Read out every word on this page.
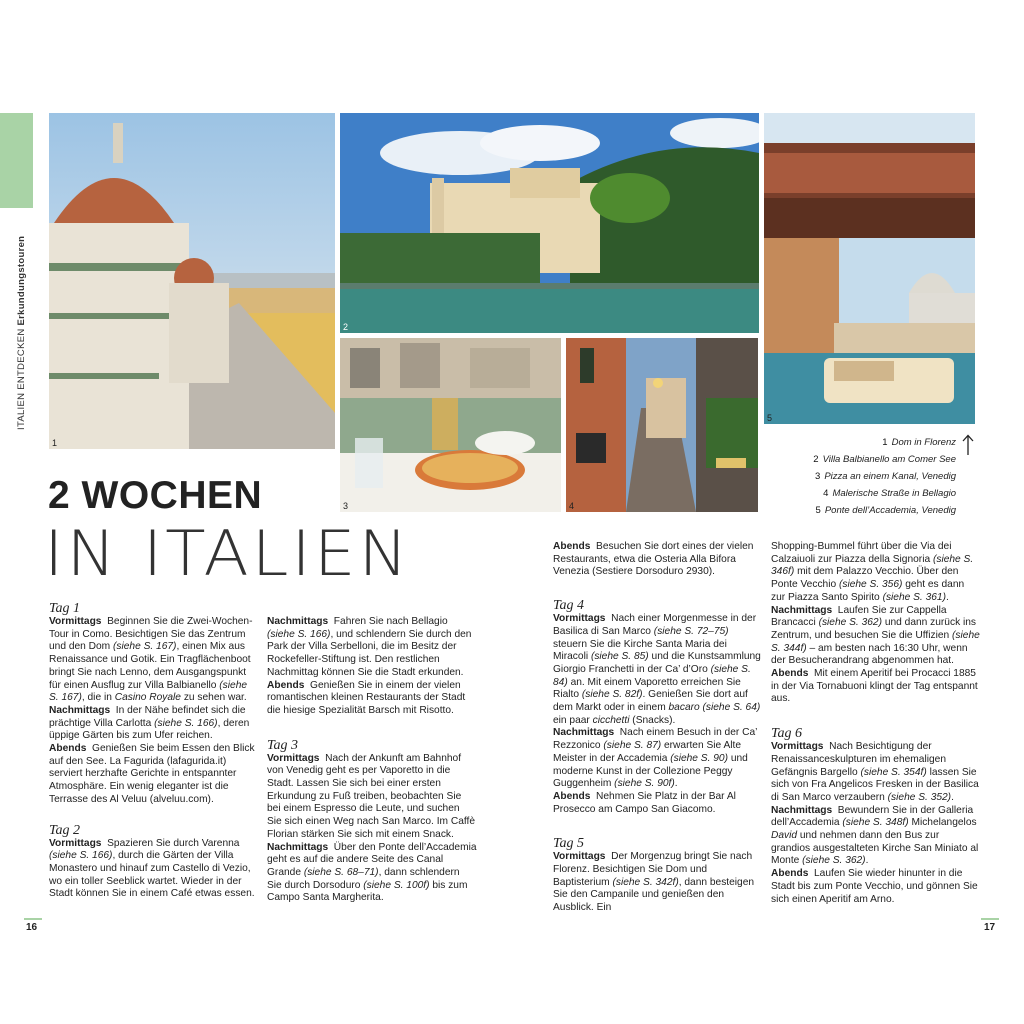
ITALIEN ENTDECKEN Erkundungstouren
1
2
3	4
5
1 Dom in Florenz
2 Villa Balbianello am Comer See
3 Pizza an einem Kanal, Venedig
4 Malerische Straße in Bellagio
5 Ponte dell’Accademia, Venedig
2 WOCHEN
IN ITALIEN

Tag 1

Vormittags  Beginnen Sie die Zwei-Wochen-Tour in Como. Besichtigen Sie das Zentrum und den Dom (siehe S. 167), einen Mix aus Renaissance und Gotik. Ein Tragflächenboot bringt Sie nach Lenno, dem Ausgangspunkt für einen Ausflug zur Villa Balbianello (siehe S. 167), die in Casino Royale zu sehen war.
Nachmittags  In der Nähe befindet sich die prächtige Villa Carlotta (siehe S. 166), deren üppige Gärten bis zum Ufer reichen.
Abends  Genießen Sie beim Essen den Blick auf den See. La Fagurida (lafagurida.it) serviert herzhafte Gerichte in entspannter Atmosphäre. Ein wenig eleganter ist die Terrasse des Al Veluu (alveluu.com).

Tag 2

Vormittags  Spazieren Sie durch Varenna (siehe S. 166), durch die Gärten der Villa Monastero und hinauf zum Castello di Vezio, wo ein toller Seeblick wartet. Wieder in der Stadt können Sie in einem Café etwas essen.

Nachmittags  Fahren Sie nach Bellagio (siehe S. 166), und schlendern Sie durch den Park der Villa Serbelloni, die im Besitz der Rockefeller-Stiftung ist. Den restlichen Nachmittag können Sie die Stadt erkunden.
Abends  Genießen Sie in einem der vielen romantischen kleinen Restaurants der Stadt die hiesige Spezialität Barsch mit Risotto.

Tag 3

Vormittags  Nach der Ankunft am Bahnhof von Venedig geht es per Vaporetto in die Stadt. Lassen Sie sich bei einer ersten Erkundung zu Fuß treiben, beobachten Sie bei einem Espresso die Leute, und suchen Sie sich einen Weg nach San Marco. Im Caffè Florian stärken Sie sich mit einem Snack.
Nachmittags  Über den Ponte dell’Accademia geht es auf die andere Seite des Canal Grande (siehe S. 68–71), dann schlendern Sie durch Dorsoduro (siehe S. 100f) bis zum Campo Santa Margherita.

Abends  Besuchen Sie dort eines der vielen Restaurants, etwa die Osteria Alla Bifora Venezia (Sestiere Dorsoduro 2930).

Tag 4

Vormittags  Nach einer Morgenmesse in der Basilica di San Marco (siehe S. 72–75) steuern Sie die Kirche Santa Maria dei Miracoli (siehe S. 85) und die Kunstsammlung Giorgio Franchetti in der Ca’ d’Oro (siehe S. 84) an. Mit einem Vaporetto erreichen Sie Rialto (siehe S. 82f). Genießen Sie dort auf dem Markt oder in einem bacaro (siehe S. 64) ein paar cicchetti (Snacks).
Nachmittags  Nach einem Besuch in der Ca’ Rezzonico (siehe S. 87) erwarten Sie Alte Meister in der Accademia (siehe S. 90) und moderne Kunst in der Collezione Peggy Guggenheim (siehe S. 90f).
Abends  Nehmen Sie Platz in der Bar Al Prosecco am Campo San Giacomo.

Tag 5

Vormittags  Der Morgenzug bringt Sie nach Florenz. Besichtigen Sie Dom und Baptisterium (siehe S. 342f), dann besteigen Sie den Campanile und genießen den Ausblick. Ein

Shopping-Bummel führt über die Via dei Calzaiuoli zur Piazza della Signoria (siehe S. 346f) mit dem Palazzo Vecchio. Über den Ponte Vecchio (siehe S. 356) geht es dann zur Piazza Santo Spirito (siehe S. 361).
Nachmittags  Laufen Sie zur Cappella Brancacci (siehe S. 362) und dann zurück ins Zentrum, und besuchen Sie die Uffizien (siehe S. 344f) – am besten nach 16:30 Uhr, wenn der Besucherandrang abgenommen hat.
Abends  Mit einem Aperitif bei Procacci 1885 in der Via Tornabuoni klingt der Tag entspannt aus.

Tag 6

Vormittags  Nach Besichtigung der Renaissanceskulpturen im ehemaligen Gefängnis Bargello (siehe S. 354f) lassen Sie sich von Fra Angelicos Fresken in der Basilica di San Marco verzaubern (siehe S. 352).
Nachmittags  Bewundern Sie in der Galleria dell’Accademia (siehe S. 348f) Michelangelos David und nehmen dann den Bus zur grandios ausgestalteten Kirche San Miniato al Monte (siehe S. 362).
Abends  Laufen Sie wieder hinunter in die Stadt bis zum Ponte Vecchio, und gönnen Sie sich einen Aperitif am Arno.

16	17
